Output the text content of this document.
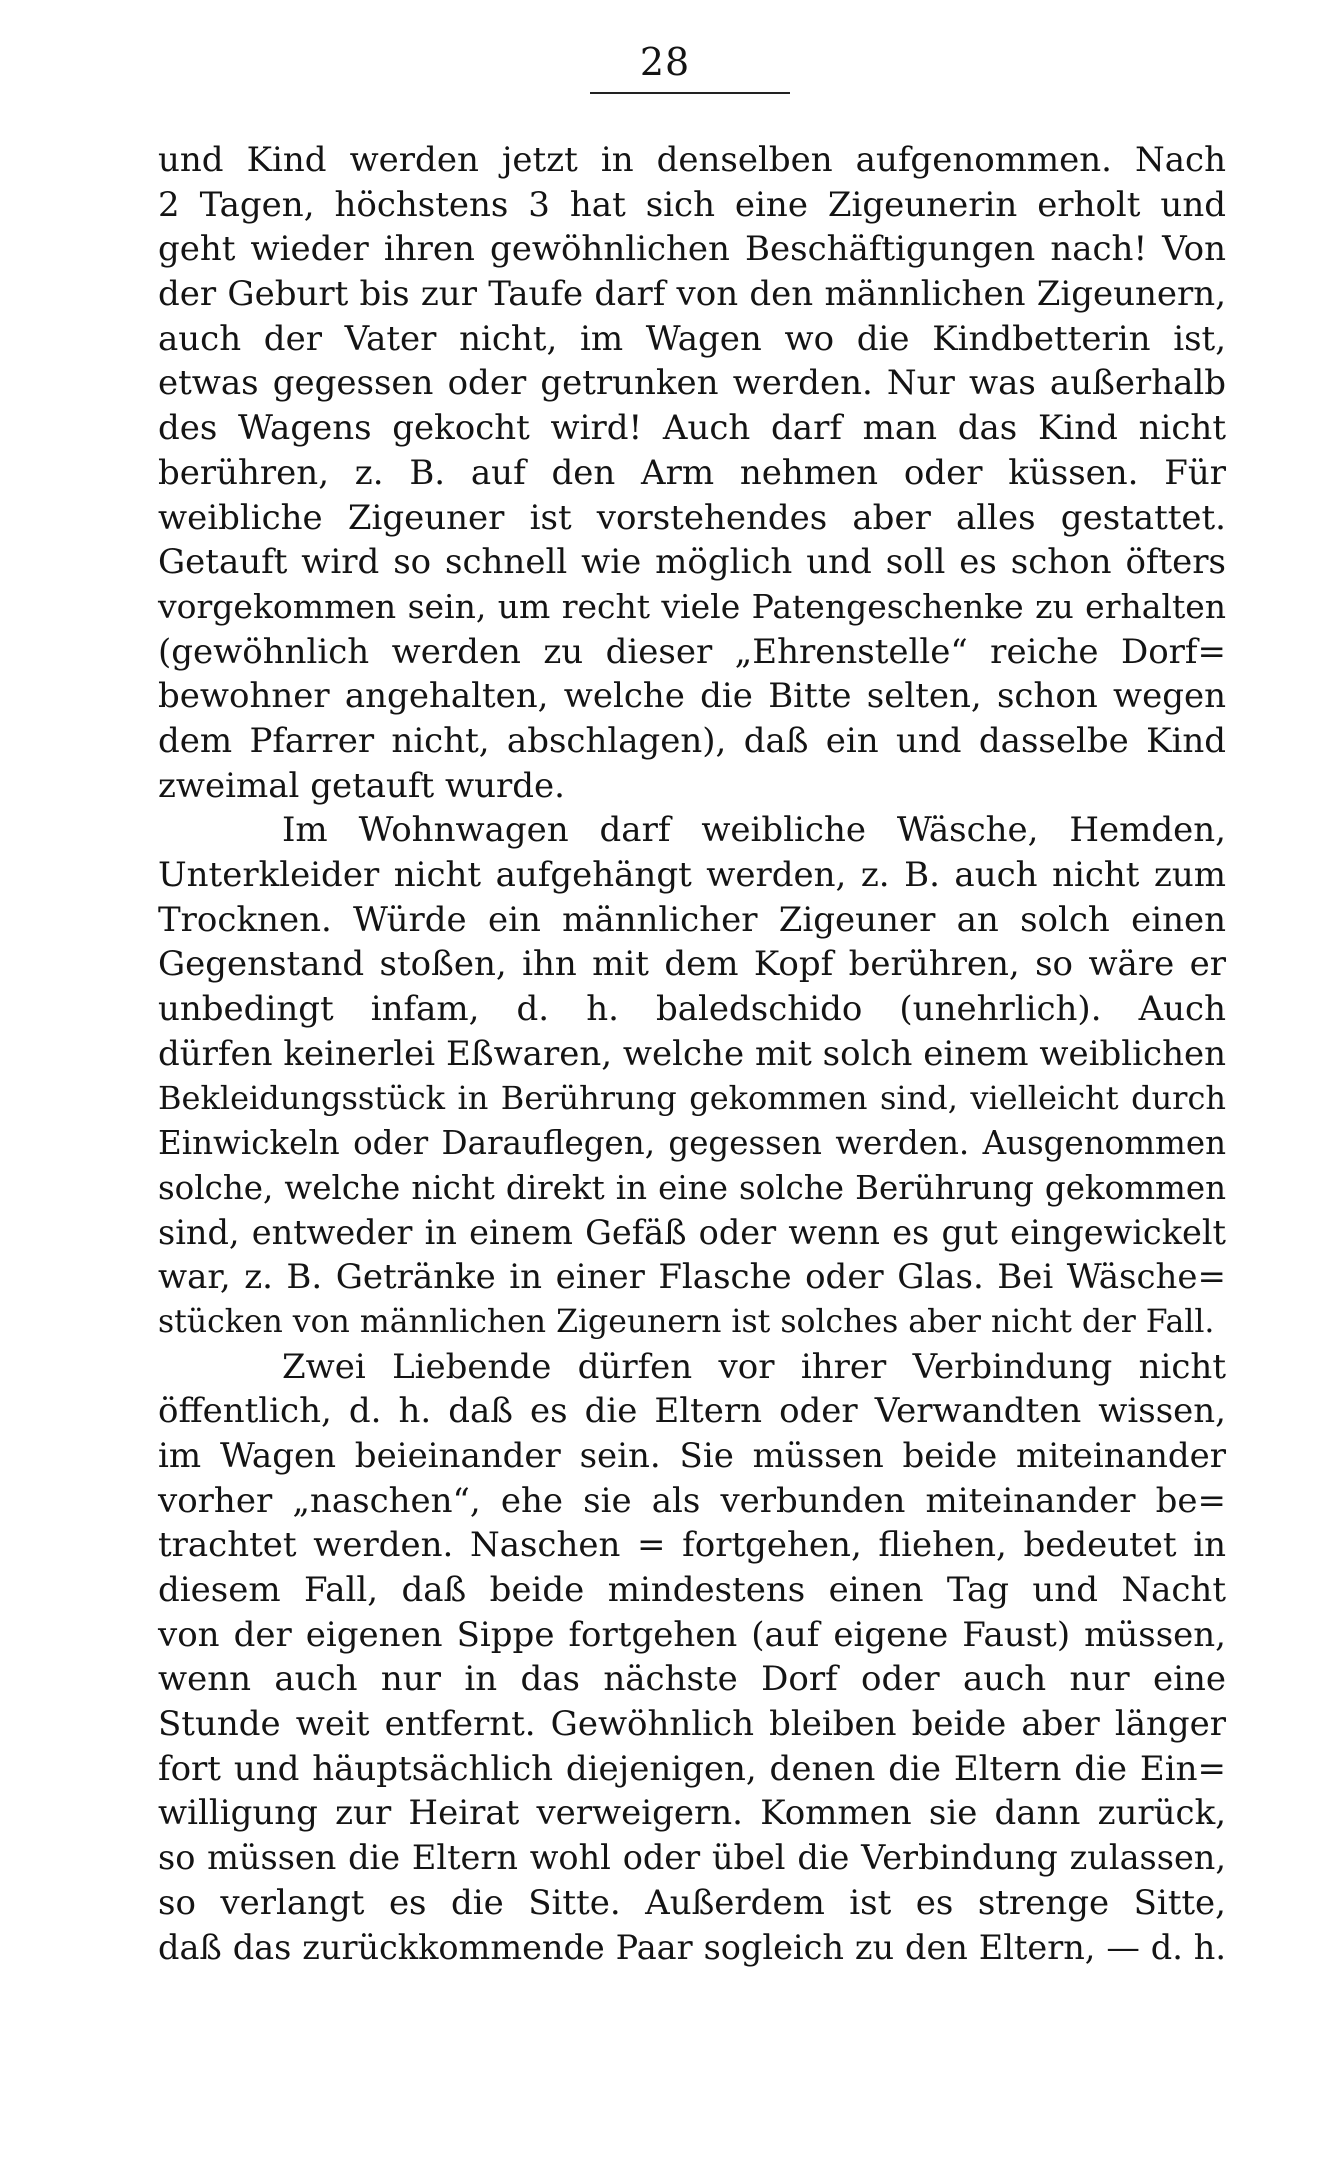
28
und Kind werden jetzt in denselben aufgenommen. Nach
2 Tagen, höchstens 3 hat sich eine Zigeunerin erholt und
geht wieder ihren gewöhnlichen Beschäftigungen nach! Von
der Geburt bis zur Taufe darf von den männlichen Zigeunern,
auch der Vater nicht, im Wagen wo die Kindbetterin ist,
etwas gegessen oder getrunken werden. Nur was außerhalb
des Wagens gekocht wird! Auch darf man das Kind nicht
berühren, z. B. auf den Arm nehmen oder küssen. Für
weibliche Zigeuner ist vorstehendes aber alles gestattet.
Getauft wird so schnell wie möglich und soll es schon öfters
vorgekommen sein, um recht viele Patengeschenke zu erhalten
(gewöhnlich werden zu dieser „Ehrenstelle“ reiche Dorf=
bewohner angehalten, welche die Bitte selten, schon wegen
dem Pfarrer nicht, abschlagen), daß ein und dasselbe Kind
zweimal getauft wurde.
Im Wohnwagen darf weibliche Wäsche, Hemden,
Unterkleider nicht aufgehängt werden, z. B. auch nicht zum
Trocknen. Würde ein männlicher Zigeuner an solch einen
Gegenstand stoßen, ihn mit dem Kopf berühren, so wäre er
unbedingt infam, d. h. baledschido (unehrlich). Auch
dürfen keinerlei Eßwaren, welche mit solch einem weiblichen
Bekleidungsstück in Berührung gekommen sind, vielleicht durch
Einwickeln oder Darauflegen, gegessen werden. Ausgenommen
solche, welche nicht direkt in eine solche Berührung gekommen
sind, entweder in einem Gefäß oder wenn es gut eingewickelt
war, z. B. Getränke in einer Flasche oder Glas. Bei Wäsche=
stücken von männlichen Zigeunern ist solches aber nicht der Fall.
Zwei Liebende dürfen vor ihrer Verbindung nicht
öffentlich, d. h. daß es die Eltern oder Verwandten wissen,
im Wagen beieinander sein. Sie müssen beide miteinander
vorher „naschen“, ehe sie als verbunden miteinander be=
trachtet werden. Naschen = fortgehen, fliehen, bedeutet in
diesem Fall, daß beide mindestens einen Tag und Nacht
von der eigenen Sippe fortgehen (auf eigene Faust) müssen,
wenn auch nur in das nächste Dorf oder auch nur eine
Stunde weit entfernt. Gewöhnlich bleiben beide aber länger
fort und häuptsächlich diejenigen, denen die Eltern die Ein=
willigung zur Heirat verweigern. Kommen sie dann zurück,
so müssen die Eltern wohl oder übel die Verbindung zulassen,
so verlangt es die Sitte. Außerdem ist es strenge Sitte,
daß das zurückkommende Paar sogleich zu den Eltern, — d. h.
